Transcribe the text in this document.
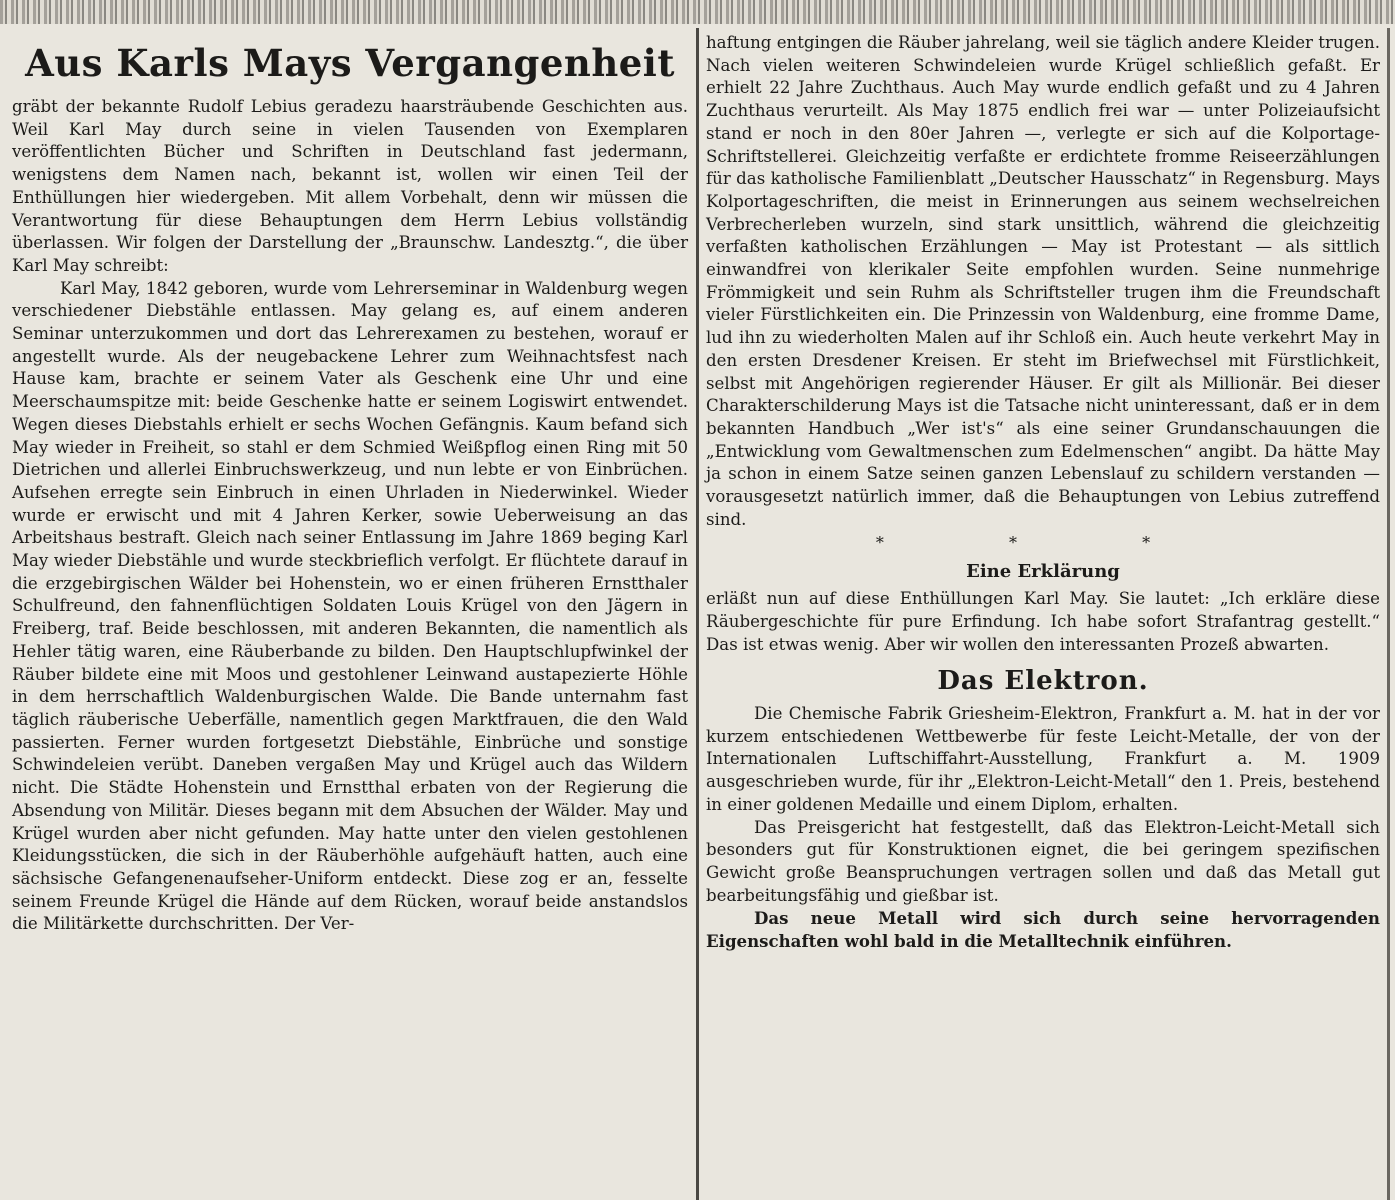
Aus Karls Mays Vergangenheit

gräbt der bekannte Rudolf Lebius geradezu haarsträubende Geschichten aus. Weil Karl May durch seine in vielen Tausenden von Exemplaren veröffentlichten Bücher und Schriften in Deutschland fast jedermann, wenigstens dem Namen nach, bekannt ist, wollen wir einen Teil der Enthüllungen hier wiedergeben. Mit allem Vorbehalt, denn wir müssen die Verantwortung für diese Behauptungen dem Herrn Lebius vollständig überlassen. Wir folgen der Darstellung der „Braunschw. Landesztg.“, die über Karl May schreibt:

Karl May, 1842 geboren, wurde vom Lehrerseminar in Waldenburg wegen verschiedener Diebstähle entlassen. May gelang es, auf einem anderen Seminar unterzukommen und dort das Lehrerexamen zu bestehen, worauf er angestellt wurde. Als der neugebackene Lehrer zum Weihnachtsfest nach Hause kam, brachte er seinem Vater als Geschenk eine Uhr und eine Meerschaumspitze mit: beide Geschenke hatte er seinem Logiswirt entwendet. Wegen dieses Diebstahls erhielt er sechs Wochen Gefängnis. Kaum befand sich May wieder in Freiheit, so stahl er dem Schmied Weißpflog einen Ring mit 50 Dietrichen und allerlei Einbruchswerkzeug, und nun lebte er von Einbrüchen. Aufsehen erregte sein Einbruch in einen Uhrladen in Niederwinkel. Wieder wurde er erwischt und mit 4 Jahren Kerker, sowie Ueberweisung an das Arbeitshaus bestraft. Gleich nach seiner Entlassung im Jahre 1869 beging Karl May wieder Diebstähle und wurde steckbrieflich verfolgt. Er flüchtete darauf in die erzgebirgischen Wälder bei Hohenstein, wo er einen früheren Ernstthaler Schulfreund, den fahnenflüchtigen Soldaten Louis Krügel von den Jägern in Freiberg, traf. Beide beschlossen, mit anderen Bekannten, die namentlich als Hehler tätig waren, eine Räuberbande zu bilden. Den Hauptschlupfwinkel der Räuber bildete eine mit Moos und gestohlener Leinwand austapezierte Höhle in dem herrschaftlich Waldenburgischen Walde. Die Bande unternahm fast täglich räuberische Ueberfälle, namentlich gegen Marktfrauen, die den Wald passierten. Ferner wurden fortgesetzt Diebstähle, Einbrüche und sonstige Schwindeleien verübt. Daneben vergaßen May und Krügel auch das Wildern nicht. Die Städte Hohenstein und Ernstthal erbaten von der Regierung die Absendung von Militär. Dieses begann mit dem Absuchen der Wälder. May und Krügel wurden aber nicht gefunden. May hatte unter den vielen gestohlenen Kleidungsstücken, die sich in der Räuberhöhle aufgehäuft hatten, auch eine sächsische Gefangenenaufseher-Uniform entdeckt. Diese zog er an, fesselte seinem Freunde Krügel die Hände auf dem Rücken, worauf beide anstandslos die Militärkette durchschritten. Der Ver-

haftung entgingen die Räuber jahrelang, weil sie täglich andere Kleider trugen. Nach vielen weiteren Schwindeleien wurde Krügel schließlich gefaßt. Er erhielt 22 Jahre Zuchthaus. Auch May wurde endlich gefaßt und zu 4 Jahren Zuchthaus verurteilt. Als May 1875 endlich frei war — unter Polizeiaufsicht stand er noch in den 80er Jahren —, verlegte er sich auf die Kolportage-Schriftstellerei. Gleichzeitig verfaßte er erdichtete fromme Reiseerzählungen für das katholische Familienblatt „Deutscher Hausschatz“ in Regensburg. Mays Kolportageschriften, die meist in Erinnerungen aus seinem wechselreichen Verbrecherleben wurzeln, sind stark unsittlich, während die gleichzeitig verfaßten katholischen Erzählungen — May ist Protestant — als sittlich einwandfrei von klerikaler Seite empfohlen wurden. Seine nunmehrige Frömmigkeit und sein Ruhm als Schriftsteller trugen ihm die Freundschaft vieler Fürstlichkeiten ein. Die Prinzessin von Waldenburg, eine fromme Dame, lud ihn zu wiederholten Malen auf ihr Schloß ein. Auch heute verkehrt May in den ersten Dresdener Kreisen. Er steht im Briefwechsel mit Fürstlichkeit, selbst mit Angehörigen regierender Häuser. Er gilt als Millionär. Bei dieser Charakterschilderung Mays ist die Tatsache nicht uninteressant, daß er in dem bekannten Handbuch „Wer ist's“ als eine seiner Grundanschauungen die „Entwicklung vom Gewaltmenschen zum Edelmenschen“ angibt. Da hätte May ja schon in einem Satze seinen ganzen Lebenslauf zu schildern verstanden — vorausgesetzt natürlich immer, daß die Behauptungen von Lebius zutreffend sind.

* * *
Eine Erklärung

erläßt nun auf diese Enthüllungen Karl May. Sie lautet: „Ich erkläre diese Räubergeschichte für pure Erfindung. Ich habe sofort Strafantrag gestellt.“ Das ist etwas wenig. Aber wir wollen den interessanten Prozeß abwarten.

Das Elektron.

Die Chemische Fabrik Griesheim-Elektron, Frankfurt a. M. hat in der vor kurzem entschiedenen Wettbewerbe für feste Leicht-Metalle, der von der Internationalen Luftschiffahrt-Ausstellung, Frankfurt a. M. 1909 ausgeschrieben wurde, für ihr „Elektron-Leicht-Metall“ den 1. Preis, bestehend in einer goldenen Medaille und einem Diplom, erhalten.

Das Preisgericht hat festgestellt, daß das Elektron-Leicht-Metall sich besonders gut für Konstruktionen eignet, die bei geringem spezifischen Gewicht große Beanspruchungen vertragen sollen und daß das Metall gut bearbeitungsfähig und gießbar ist.

Das neue Metall wird sich durch seine hervorragenden Eigenschaften wohl bald in die Metalltechnik einführen.
